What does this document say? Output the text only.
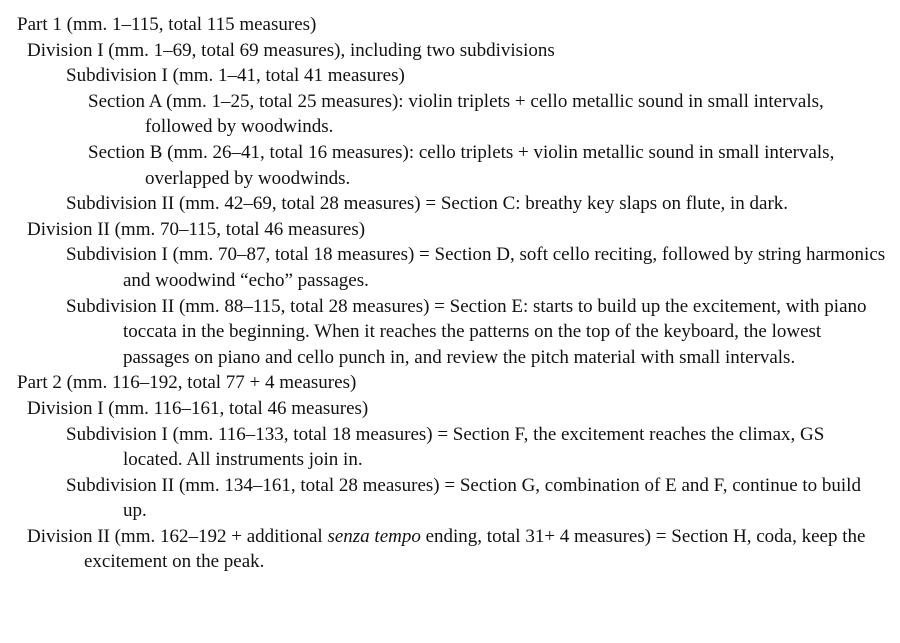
Part 1 (mm. 1–115, total 115 measures)

Division I (mm. 1–69, total 69 measures), including two subdivisions

Subdivision I (mm. 1–41, total 41 measures)

Section A (mm. 1–25, total 25 measures): violin triplets + cello metallic sound in small intervals, followed by woodwinds.

Section B (mm. 26–41, total 16 measures): cello triplets + violin metallic sound in small intervals, overlapped by woodwinds.

Subdivision II (mm. 42–69, total 28 measures) = Section C: breathy key slaps on flute, in dark.

Division II (mm. 70–115, total 46 measures)

Subdivision I (mm. 70–87, total 18 measures) = Section D, soft cello reciting, followed by string harmonics and woodwind “echo” passages.

Subdivision II (mm. 88–115, total 28 measures) = Section E: starts to build up the excitement, with piano toccata in the beginning. When it reaches the patterns on the top of the keyboard, the lowest passages on piano and cello punch in, and review the pitch material with small intervals.

Part 2 (mm. 116–192, total 77 + 4 measures)

Division I (mm. 116–161, total 46 measures)

Subdivision I (mm. 116–133, total 18 measures) = Section F, the excitement reaches the climax, GS located. All instruments join in.

Subdivision II (mm. 134–161, total 28 measures) = Section G, combination of E and F, continue to build up.

Division II (mm. 162–192 + additional senza tempo ending, total 31+ 4 measures) = Section H, coda, keep the excitement on the peak.
